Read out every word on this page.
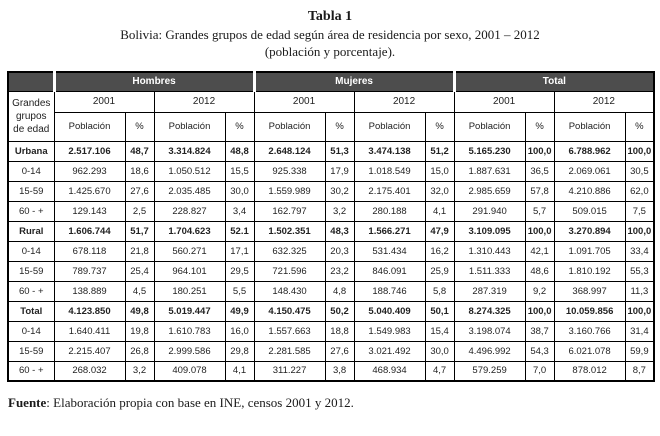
Tabla 1
Bolivia: Grandes grupos de edad según área de residencia por sexo, 2001 – 2012
(población y porcentaje).
	Hombres				Mujeres				Total			
Grandes grupos de edad	2001		2012		2001		2012		2001		2012	
	Población	%	Población	%	Población	%	Población	%	Población	%	Población	%
Urbana	2.517.106	48,7	3.314.824	48,8	2.648.124	51,3	3.474.138	51,2	5.165.230	100,0	6.788.962	100,0
0-14	962.293	18,6	1.050.512	15,5	925.338	17,9	1.018.549	15,0	1.887.631	36,5	2.069.061	30,5
15-59	1.425.670	27,6	2.035.485	30,0	1.559.989	30,2	2.175.401	32,0	2.985.659	57,8	4.210.886	62,0
60 - +	129.143	2,5	228.827	3,4	162.797	3,2	280.188	4,1	291.940	5,7	509.015	7,5
Rural	1.606.744	51,7	1.704.623	52.1	1.502.351	48,3	1.566.271	47,9	3.109.095	100,0	3.270.894	100,0
0-14	678.118	21,8	560.271	17,1	632.325	20,3	531.434	16,2	1.310.443	42,1	1.091.705	33,4
15-59	789.737	25,4	964.101	29,5	721.596	23,2	846.091	25,9	1.511.333	48,6	1.810.192	55,3
60 - +	138.889	4,5	180.251	5,5	148.430	4,8	188.746	5,8	287.319	9,2	368.997	11,3
Total	4.123.850	49,8	5.019.447	49,9	4.150.475	50,2	5.040.409	50,1	8.274.325	100,0	10.059.856	100,0
0-14	1.640.411	19,8	1.610.783	16,0	1.557.663	18,8	1.549.983	15,4	3.198.074	38,7	3.160.766	31,4
15-59	2.215.407	26,8	2.999.586	29,8	2.281.585	27,6	3.021.492	30,0	4.496.992	54,3	6.021.078	59,9
60 - +	268.032	3,2	409.078	4,1	311.227	3,8	468.934	4,7	579.259	7,0	878.012	8,7
Fuente: Elaboración propia con base en INE, censos 2001 y 2012.
